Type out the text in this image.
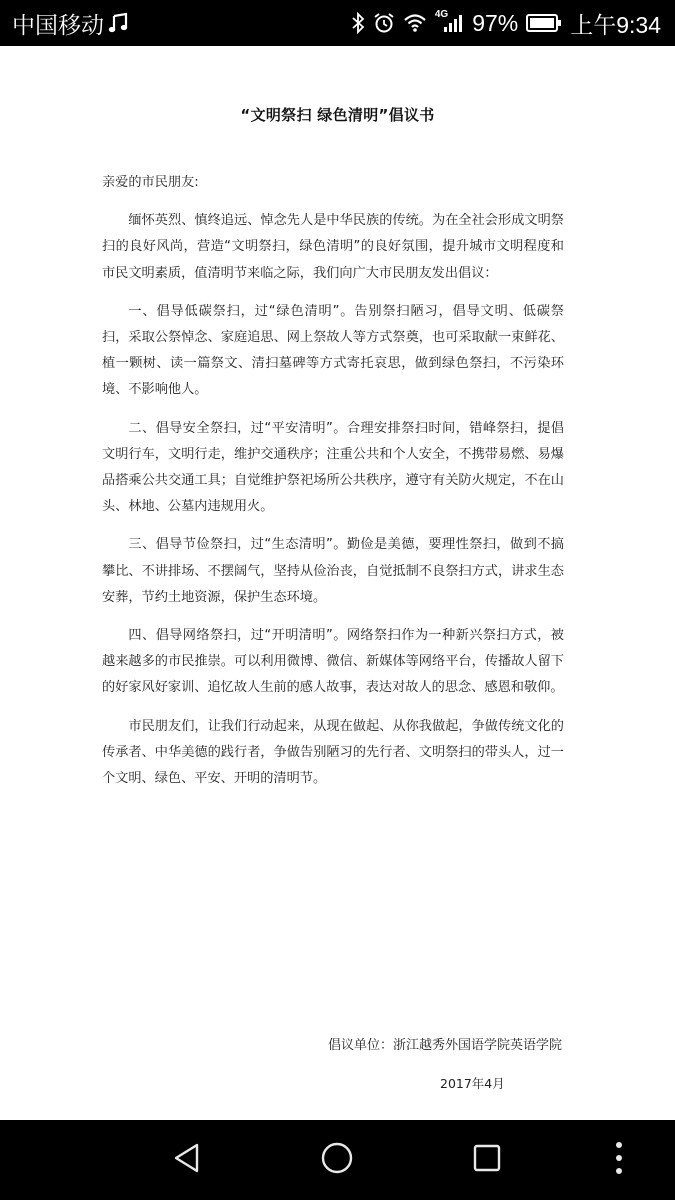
中国移动	4G 97% 上午9:34
“文明祭扫 绿色清明”倡议书

亲爱的市民朋友:

缅怀英烈、慎终追远、悼念先人是中华民族的传统。为在全社会形成文明祭扫的良好风尚，营造“文明祭扫，绿色清明”的良好氛围，提升城市文明程度和市民文明素质，值清明节来临之际，我们向广大市民朋友发出倡议：

一、倡导低碳祭扫，过“绿色清明”。告别祭扫陋习，倡导文明、低碳祭扫，采取公祭悼念、家庭追思、网上祭故人等方式祭奠，也可采取献一束鲜花、植一颗树、读一篇祭文、清扫墓碑等方式寄托哀思，做到绿色祭扫，不污染环境、不影响他人。

二、倡导安全祭扫，过“平安清明”。合理安排祭扫时间，错峰祭扫，提倡文明行车，文明行走，维护交通秩序；注重公共和个人安全，不携带易燃、易爆品搭乘公共交通工具；自觉维护祭祀场所公共秩序，遵守有关防火规定，不在山头、林地、公墓内违规用火。

三、倡导节俭祭扫，过“生态清明”。勤俭是美德，要理性祭扫，做到不搞攀比、不讲排场、不摆阔气，坚持从俭治丧，自觉抵制不良祭扫方式，讲求生态安葬，节约土地资源，保护生态环境。

四、倡导网络祭扫，过“开明清明”。网络祭扫作为一种新兴祭扫方式，被越来越多的市民推崇。可以利用微博、微信、新媒体等网络平台，传播故人留下的好家风好家训、追忆故人生前的感人故事，表达对故人的思念、感恩和敬仰。

市民朋友们，让我们行动起来，从现在做起、从你我做起，争做传统文化的传承者、中华美德的践行者，争做告别陋习的先行者、文明祭扫的带头人，过一个文明、绿色、平安、开明的清明节。

倡议单位：浙江越秀外国语学院英语学院
2017年4月
